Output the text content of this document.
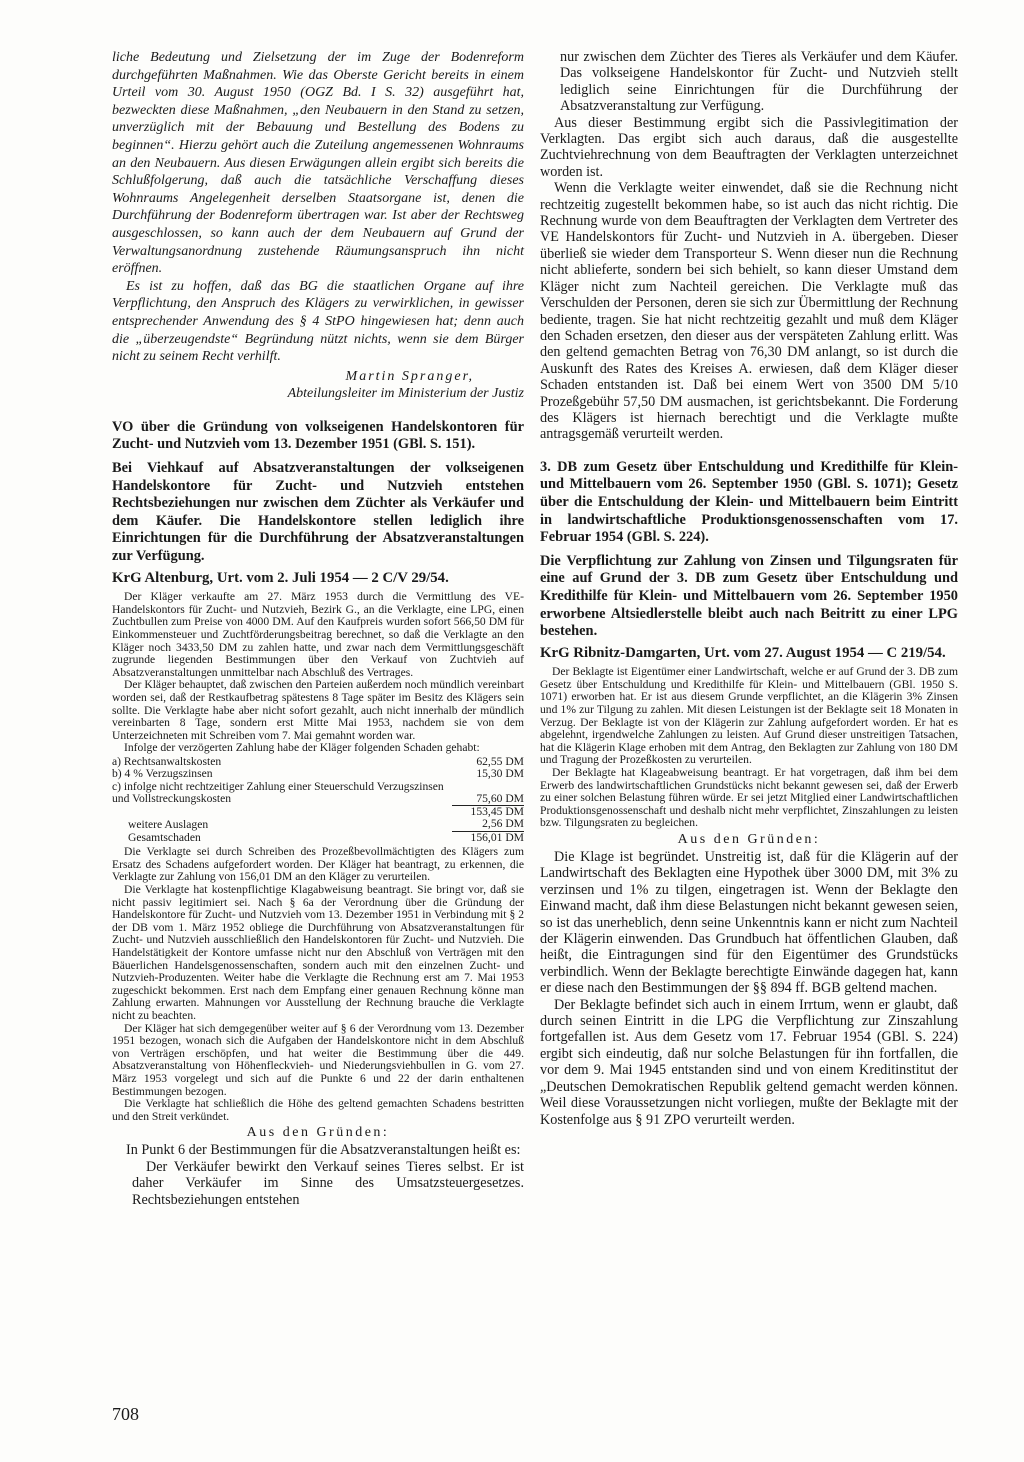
liche Bedeutung und Zielsetzung der im Zuge der Bodenreform durchgeführten Maßnahmen. Wie das Oberste Gericht bereits in einem Urteil vom 30. August 1950 (OGZ Bd. I S. 32) ausgeführt hat, bezweckten diese Maßnahmen, „den Neubauern in den Stand zu setzen, unverzüglich mit der Bebauung und Bestellung des Bodens zu beginnen“. Hierzu gehört auch die Zuteilung angemessenen Wohnraums an den Neubauern. Aus diesen Erwägungen allein ergibt sich bereits die Schlußfolgerung, daß auch die tatsächliche Verschaffung dieses Wohnraums Angelegenheit derselben Staatsorgane ist, denen die Durchführung der Bodenreform übertragen war. Ist aber der Rechtsweg ausgeschlossen, so kann auch der dem Neubauern auf Grund der Verwaltungsanordnung zustehende Räumungsanspruch ihn nicht eröffnen.

Es ist zu hoffen, daß das BG die staatlichen Organe auf ihre Verpflichtung, den Anspruch des Klägers zu verwirklichen, in gewisser entsprechender Anwendung des § 4 StPO hingewiesen hat; denn auch die „überzeugendste“ Begründung nützt nichts, wenn sie dem Bürger nicht zu seinem Recht verhilft.

Martin Spranger,

Abteilungsleiter im Ministerium der Justiz

VO über die Gründung von volkseigenen Handelskontoren für Zucht- und Nutzvieh vom 13. Dezember 1951 (GBl. S. 151).

Bei Viehkauf auf Absatzveranstaltungen der volkseigenen Handelskontore für Zucht- und Nutzvieh entstehen Rechtsbeziehungen nur zwischen dem Züchter als Verkäufer und dem Käufer. Die Handelskontore stellen lediglich ihre Einrichtungen für die Durchführung der Absatzveranstaltungen zur Verfügung.

KrG Altenburg, Urt. vom 2. Juli 1954 — 2 C/V 29/54.

Der Kläger verkaufte am 27. März 1953 durch die Vermittlung des VE-Handelskontors für Zucht- und Nutzvieh, Bezirk G., an die Verklagte, eine LPG, einen Zuchtbullen zum Preise von 4000 DM. Auf den Kaufpreis wurden sofort 566,50 DM für Einkommensteuer und Zuchtförderungsbeitrag berechnet, so daß die Verklagte an den Kläger noch 3433,50 DM zu zahlen hatte, und zwar nach dem Vermittlungsgeschäft zugrunde liegenden Bestimmungen über den Verkauf von Zuchtvieh auf Absatzveranstaltungen unmittelbar nach Abschluß des Vertrages.

Der Kläger behauptet, daß zwischen den Parteien außerdem noch mündlich vereinbart worden sei, daß der Restkaufbetrag spätestens 8 Tage später im Besitz des Klägers sein sollte. Die Verklagte habe aber nicht sofort gezahlt, auch nicht innerhalb der mündlich vereinbarten 8 Tage, sondern erst Mitte Mai 1953, nachdem sie von dem Unterzeichneten mit Schreiben vom 7. Mai gemahnt worden war.

Infolge der verzögerten Zahlung habe der Kläger folgenden Schaden gehabt:

a) Rechtsanwaltskosten	62,55 DM
b) 4 % Verzugszinsen	15,30 DM
c) infolge nicht rechtzeitiger Zahlung einer Steuerschuld Verzugszinsen und Vollstreckungskosten	75,60 DM
	153,45 DM
weitere Auslagen	2,56 DM
Gesamtschaden	156,01 DM

Die Verklagte sei durch Schreiben des Prozeßbevollmächtigten des Klägers zum Ersatz des Schadens aufgefordert worden. Der Kläger hat beantragt, zu erkennen, die Verklagte zur Zahlung von 156,01 DM an den Kläger zu verurteilen.

Die Verklagte hat kostenpflichtige Klagabweisung beantragt. Sie bringt vor, daß sie nicht passiv legitimiert sei. Nach § 6a der Verordnung über die Gründung der Handelskontore für Zucht- und Nutzvieh vom 13. Dezember 1951 in Verbindung mit § 2 der DB vom 1. März 1952 obliege die Durchführung von Absatzveranstaltungen für Zucht- und Nutzvieh ausschließlich den Handelskontoren für Zucht- und Nutzvieh. Die Handelstätigkeit der Kontore umfasse nicht nur den Abschluß von Verträgen mit den Bäuerlichen Handelsgenossenschaften, sondern auch mit den einzelnen Zucht- und Nutzvieh-Produzenten. Weiter habe die Verklagte die Rechnung erst am 7. Mai 1953 zugeschickt bekommen. Erst nach dem Empfang einer genauen Rechnung könne man Zahlung erwarten. Mahnungen vor Ausstellung der Rechnung brauche die Verklagte nicht zu beachten.

Der Kläger hat sich demgegenüber weiter auf § 6 der Verordnung vom 13. Dezember 1951 bezogen, wonach sich die Aufgaben der Handelskontore nicht in dem Abschluß von Verträgen erschöpfen, und hat weiter die Bestimmung über die 449. Absatzveranstaltung von Höhenfleckvieh- und Niederungsviehbullen in G. vom 27. März 1953 vorgelegt und sich auf die Punkte 6 und 22 der darin enthaltenen Bestimmungen bezogen.

Die Verklagte hat schließlich die Höhe des geltend gemachten Schadens bestritten und den Streit verkündet.

Aus den Gründen:

In Punkt 6 der Bestimmungen für die Absatzveranstaltungen heißt es:

Der Verkäufer bewirkt den Verkauf seines Tieres selbst. Er ist daher Verkäufer im Sinne des Umsatzsteuergesetzes. Rechtsbeziehungen entstehen

nur zwischen dem Züchter des Tieres als Verkäufer und dem Käufer. Das volkseigene Handelskontor für Zucht- und Nutzvieh stellt lediglich seine Einrichtungen für die Durchführung der Absatzveranstaltung zur Verfügung.

Aus dieser Bestimmung ergibt sich die Passivlegitimation der Verklagten. Das ergibt sich auch daraus, daß die ausgestellte Zuchtviehrechnung von dem Beauftragten der Verklagten unterzeichnet worden ist.

Wenn die Verklagte weiter einwendet, daß sie die Rechnung nicht rechtzeitig zugestellt bekommen habe, so ist auch das nicht richtig. Die Rechnung wurde von dem Beauftragten der Verklagten dem Vertreter des VE Handelskontors für Zucht- und Nutzvieh in A. übergeben. Dieser überließ sie wieder dem Transporteur S. Wenn dieser nun die Rechnung nicht ablieferte, sondern bei sich behielt, so kann dieser Umstand dem Kläger nicht zum Nachteil gereichen. Die Verklagte muß das Verschulden der Personen, deren sie sich zur Übermittlung der Rechnung bediente, tragen. Sie hat nicht rechtzeitig gezahlt und muß dem Kläger den Schaden ersetzen, den dieser aus der verspäteten Zahlung erlitt. Was den geltend gemachten Betrag von 76,30 DM anlangt, so ist durch die Auskunft des Rates des Kreises A. erwiesen, daß dem Kläger dieser Schaden entstanden ist. Daß bei einem Wert von 3500 DM 5/10 Prozeßgebühr 57,50 DM ausmachen, ist gerichtsbekannt. Die Forderung des Klägers ist hiernach berechtigt und die Verklagte mußte antragsgemäß verurteilt werden.

3. DB zum Gesetz über Entschuldung und Kredithilfe für Klein- und Mittelbauern vom 26. September 1950 (GBl. S. 1071); Gesetz über die Entschuldung der Klein- und Mittelbauern beim Eintritt in landwirtschaftliche Produktionsgenossenschaften vom 17. Februar 1954 (GBl. S. 224).

Die Verpflichtung zur Zahlung von Zinsen und Tilgungsraten für eine auf Grund der 3. DB zum Gesetz über Entschuldung und Kredithilfe für Klein- und Mittelbauern vom 26. September 1950 erworbene Altsiedlerstelle bleibt auch nach Beitritt zu einer LPG bestehen.

KrG Ribnitz-Damgarten, Urt. vom 27. August 1954 — C 219/54.

Der Beklagte ist Eigentümer einer Landwirtschaft, welche er auf Grund der 3. DB zum Gesetz über Entschuldung und Kredithilfe für Klein- und Mittelbauern (GBl. 1950 S. 1071) erworben hat. Er ist aus diesem Grunde verpflichtet, an die Klägerin 3% Zinsen und 1% zur Tilgung zu zahlen. Mit diesen Leistungen ist der Beklagte seit 18 Monaten in Verzug. Der Beklagte ist von der Klägerin zur Zahlung aufgefordert worden. Er hat es abgelehnt, irgendwelche Zahlungen zu leisten. Auf Grund dieser unstreitigen Tatsachen, hat die Klägerin Klage erhoben mit dem Antrag, den Beklagten zur Zahlung von 180 DM und Tragung der Prozeßkosten zu verurteilen.

Der Beklagte hat Klageabweisung beantragt. Er hat vorgetragen, daß ihm bei dem Erwerb des landwirtschaftlichen Grundstücks nicht bekannt gewesen sei, daß der Erwerb zu einer solchen Belastung führen würde. Er sei jetzt Mitglied einer Landwirtschaftlichen Produktionsgenossenschaft und deshalb nicht mehr verpflichtet, Zinszahlungen zu leisten bzw. Tilgungsraten zu begleichen.

Aus den Gründen:

Die Klage ist begründet. Unstreitig ist, daß für die Klägerin auf der Landwirtschaft des Beklagten eine Hypothek über 3000 DM, mit 3% zu verzinsen und 1% zu tilgen, eingetragen ist. Wenn der Beklagte den Einwand macht, daß ihm diese Belastungen nicht bekannt gewesen seien, so ist das unerheblich, denn seine Unkenntnis kann er nicht zum Nachteil der Klägerin einwenden. Das Grundbuch hat öffentlichen Glauben, daß heißt, die Eintragungen sind für den Eigentümer des Grundstücks verbindlich. Wenn der Beklagte berechtigte Einwände dagegen hat, kann er diese nach den Bestimmungen der §§ 894 ff. BGB geltend machen.

Der Beklagte befindet sich auch in einem Irrtum, wenn er glaubt, daß durch seinen Eintritt in die LPG die Verpflichtung zur Zinszahlung fortgefallen ist. Aus dem Gesetz vom 17. Februar 1954 (GBl. S. 224) ergibt sich eindeutig, daß nur solche Belastungen für ihn fortfallen, die vor dem 9. Mai 1945 entstanden sind und von einem Kreditinstitut der „Deutschen Demokratischen Republik geltend gemacht werden können. Weil diese Voraussetzungen nicht vorliegen, mußte der Beklagte mit der Kostenfolge aus § 91 ZPO verurteilt werden.

708
